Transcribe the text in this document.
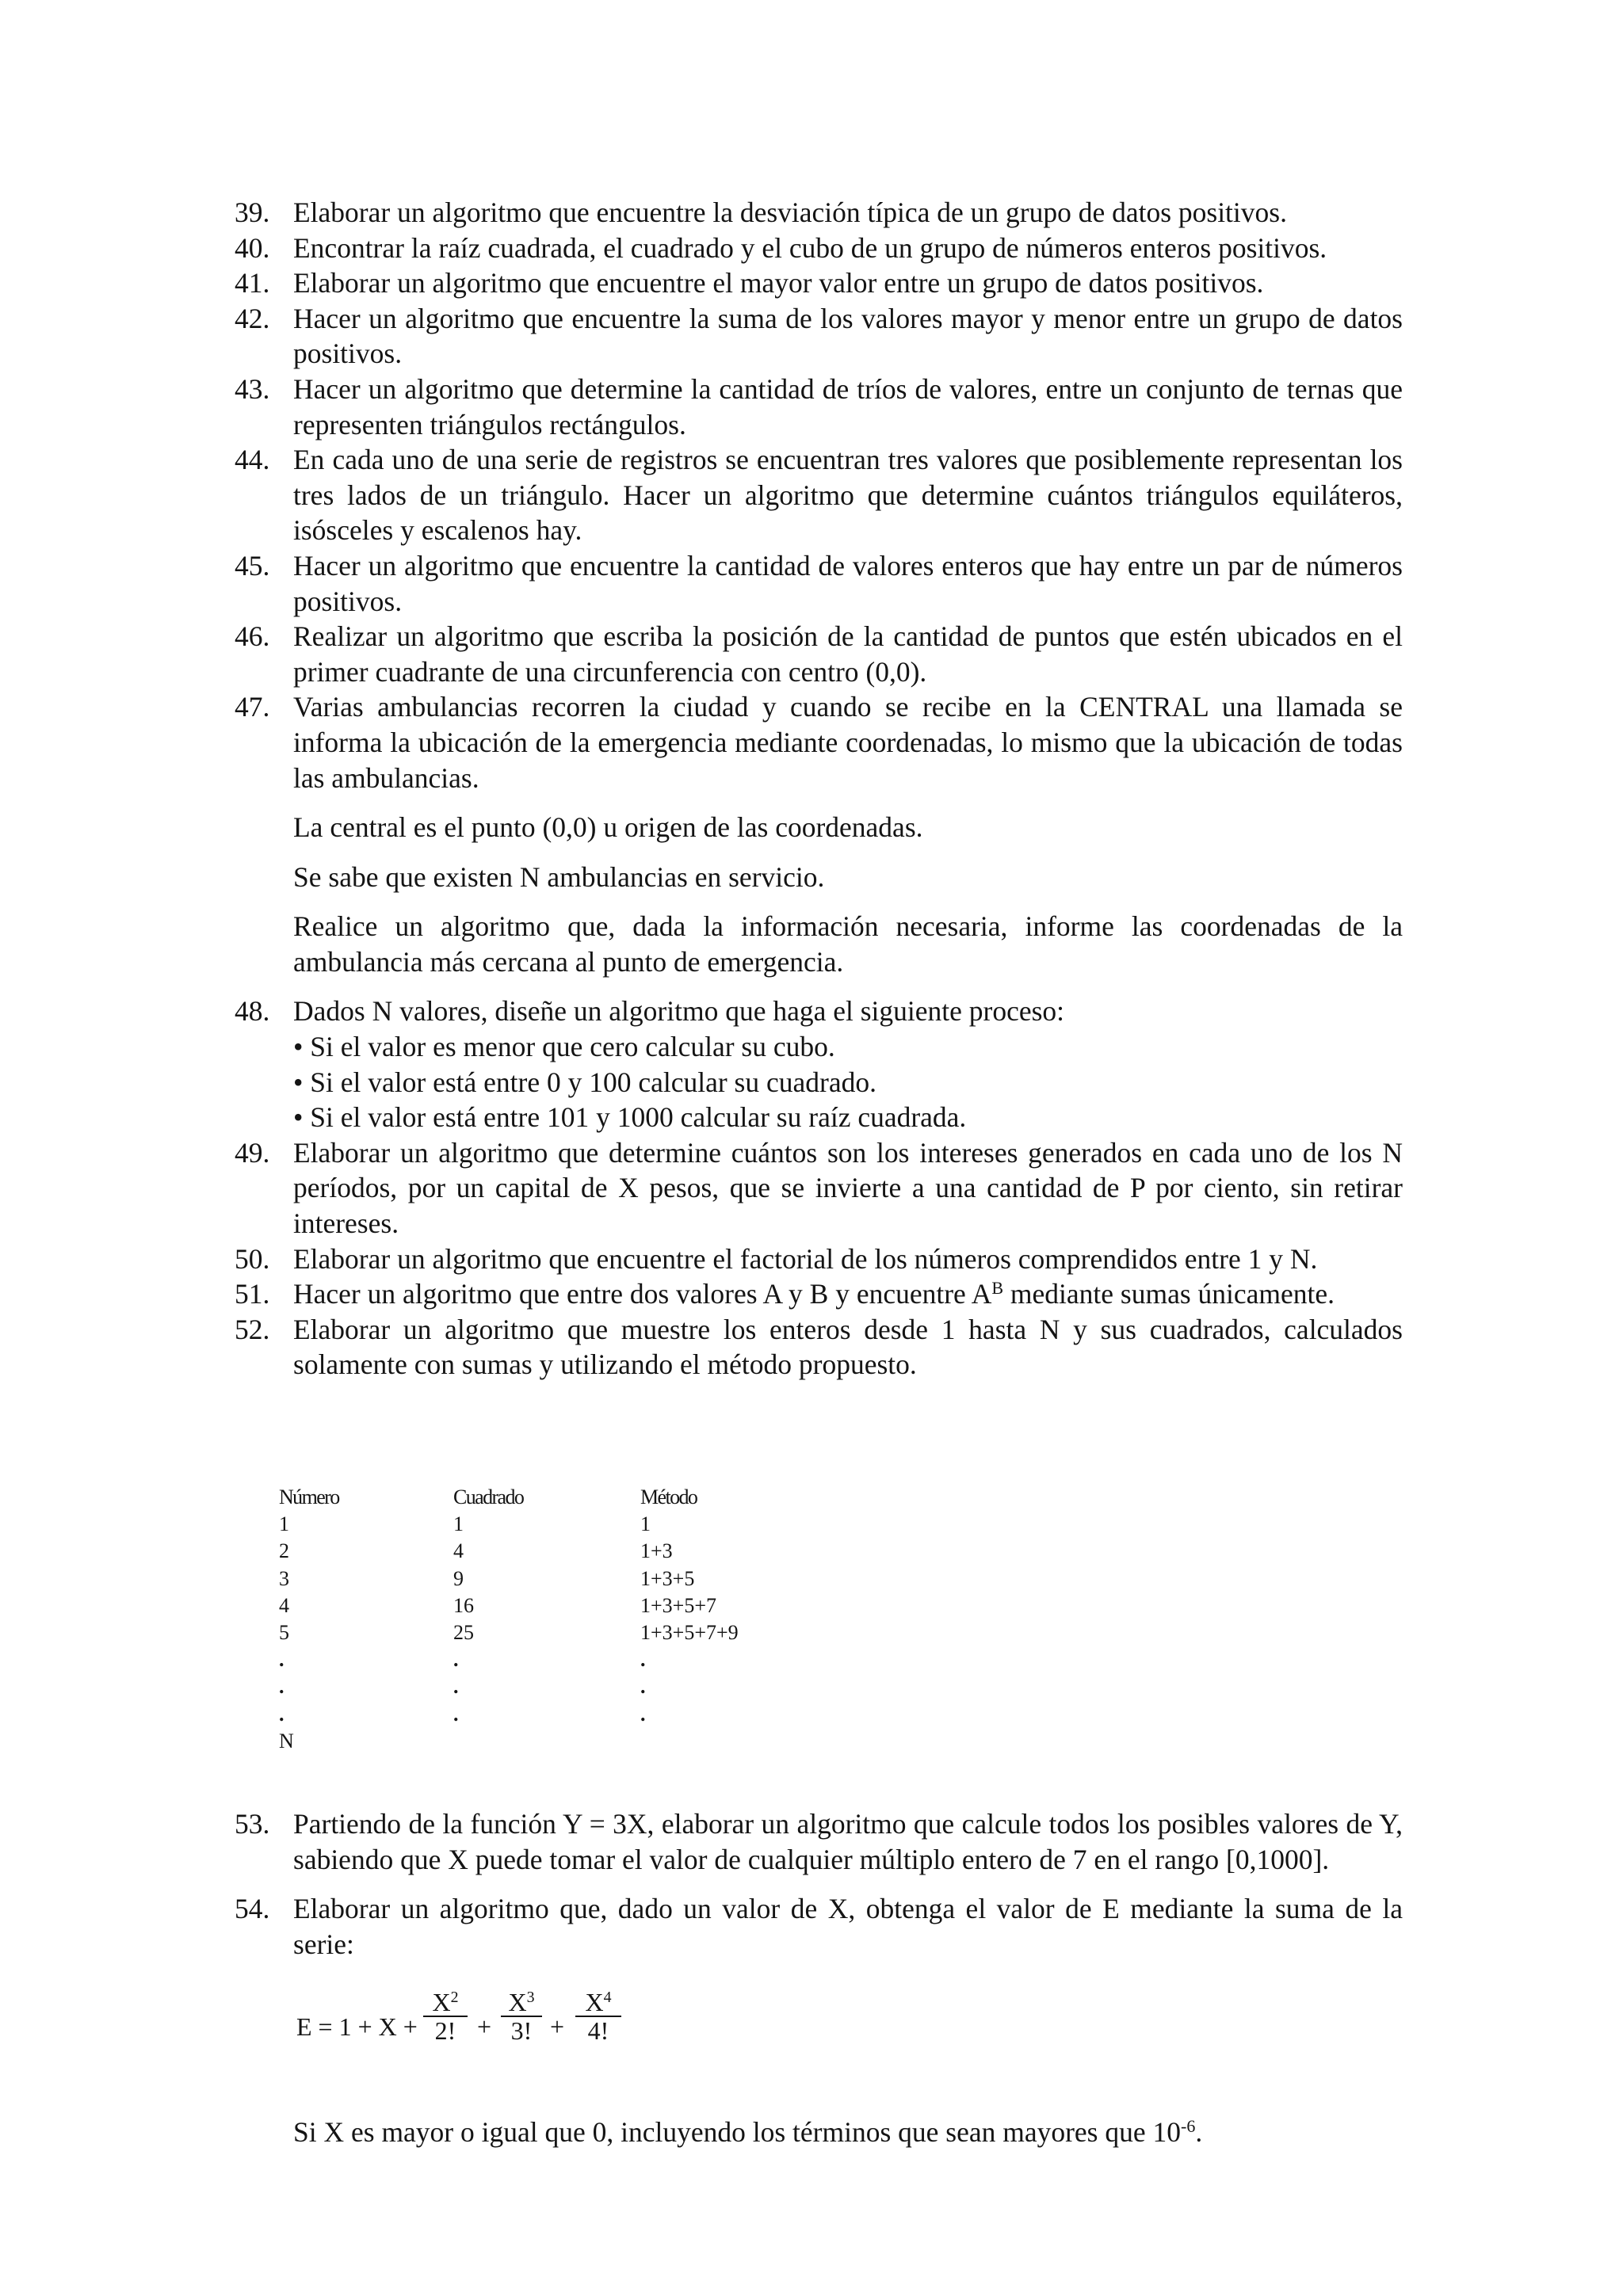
39. Elaborar un algoritmo que encuentre la desviación típica de un grupo de datos positivos.
40. Encontrar la raíz cuadrada, el cuadrado y el cubo de un grupo de números enteros positivos.
41. Elaborar un algoritmo que encuentre el mayor valor entre un grupo de datos positivos.
42. Hacer un algoritmo que encuentre la suma de los valores mayor y menor entre un grupo de datos positivos.
43. Hacer un algoritmo que determine la cantidad de tríos de valores, entre un conjunto de ternas que representen triángulos rectángulos.
44. En cada uno de una serie de registros se encuentran tres valores que posiblemente representan los tres lados de un triángulo. Hacer un algoritmo que determine cuántos triángulos equiláteros, isósceles y escalenos hay.
45. Hacer un algoritmo que encuentre la cantidad de valores enteros que hay entre un par de números positivos.
46. Realizar un algoritmo que escriba la posición de la cantidad de puntos que estén ubicados en el primer cuadrante de una circunferencia con centro (0,0).
47. Varias ambulancias recorren la ciudad y cuando se recibe en la CENTRAL una llamada se informa la ubicación de la emergencia mediante coordenadas, lo mismo que la ubicación de todas las ambulancias.
La central es el punto (0,0) u origen de las coordenadas.
Se sabe que existen N ambulancias en servicio.
Realice un algoritmo que, dada la información necesaria, informe las coordenadas de la ambulancia más cercana al punto de emergencia.
48. Dados N valores, diseñe un algoritmo que haga el siguiente proceso:
• Si el valor es menor que cero calcular su cubo.
• Si el valor está entre 0 y 100 calcular su cuadrado.
• Si el valor está entre 101 y 1000 calcular su raíz cuadrada.
49. Elaborar un algoritmo que determine cuántos son los intereses generados en cada uno de los N períodos, por un capital de X pesos, que se invierte a una cantidad de P por ciento, sin retirar intereses.
50. Elaborar un algoritmo que encuentre el factorial de los números comprendidos entre 1 y N.
51. Hacer un algoritmo que entre dos valores A y B y encuentre $A^B$ mediante sumas únicamente.
52. Elaborar un algoritmo que muestre los enteros desde 1 hasta N y sus cuadrados, calculados solamente con sumas y utilizando el método propuesto.
Número	Cuadrado	Método
1	1	1
2	4	1+3
3	9	1+3+5
4	16	1+3+5+7
5	25	1+3+5+7+9
.	.	.
.	.	.
.	.	.
N
53. Partiendo de la función Y = 3X, elaborar un algoritmo que calcule todos los posibles valores de Y, sabiendo que X puede tomar el valor de cualquier múltiplo entero de 7 en el rango [0,1000].
54. Elaborar un algoritmo que, dado un valor de X, obtenga el valor de E mediante la suma de la serie:
E = 1 + X +
$X^2$
2! +
$X^3$
3! +
$X^4$
4!
Si X es mayor o igual que 0, incluyendo los términos que sean mayores que $10^{-6}$.
